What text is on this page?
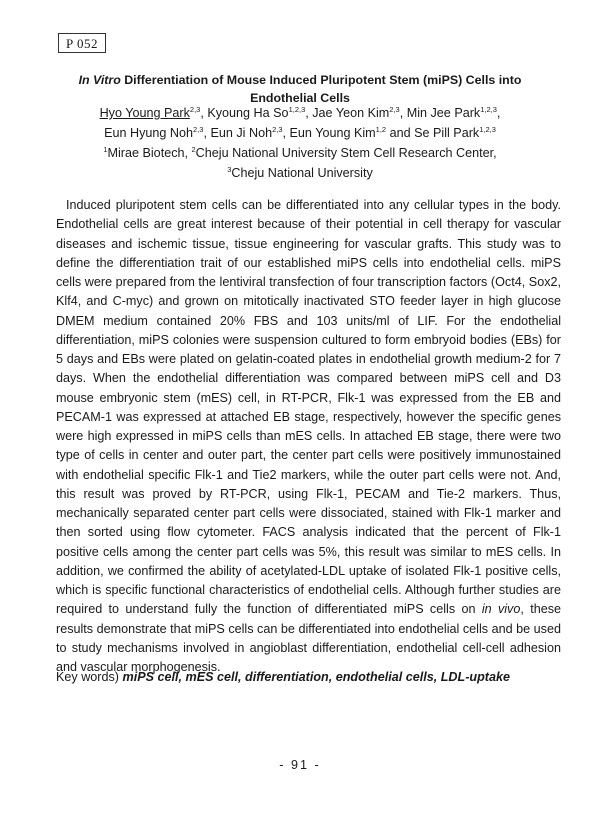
P 052
In Vitro Differentiation of Mouse Induced Pluripotent Stem (miPS) Cells into
Endothelial Cells
Hyo Young Park$^{2,3}$, Kyoung Ha So$^{1,2,3}$, Jae Yeon Kim$^{2,3}$, Min Jee Park$^{1,2,3}$,
Eun Hyung Noh$^{2,3}$, Eun Ji Noh$^{2,3}$, Eun Young Kim$^{1,2}$ and Se Pill Park$^{1,2,3}$
$^1$Mirae Biotech, $^2$Cheju National University Stem Cell Research Center,
$^3$Cheju National University

Induced pluripotent stem cells can be differentiated into any cellular types in the body. Endothelial cells are great interest because of their potential in cell therapy for vascular diseases and ischemic tissue, tissue engineering for vascular grafts. This study was to define the differentiation trait of our established miPS cells into endothelial cells. miPS cells were prepared from the lentiviral transfection of four transcription factors (Oct4, Sox2, Klf4, and C-myc) and grown on mitotically inactivated STO feeder layer in high glucose DMEM medium contained 20% FBS and 103 units/ml of LIF. For the endothelial differentiation, miPS colonies were suspension cultured to form embryoid bodies (EBs) for 5 days and EBs were plated on gelatin-coated plates in endothelial growth medium-2 for 7 days. When the endothelial differentiation was compared between miPS cell and D3 mouse embryonic stem (mES) cell, in RT-PCR, Flk-1 was expressed from the EB and PECAM-1 was expressed at attached EB stage, respectively, however the specific genes were high expressed in miPS cells than mES cells. In attached EB stage, there were two type of cells in center and outer part, the center part cells were positively immunostained with endothelial specific Flk-1 and Tie2 markers, while the outer part cells were not. And, this result was proved by RT-PCR, using Flk-1, PECAM and Tie-2 markers. Thus, mechanically separated center part cells were dissociated, stained with Flk-1 marker and then sorted using flow cytometer. FACS analysis indicated that the percent of Flk-1 positive cells among the center part cells was 5%, this result was similar to mES cells. In addition, we confirmed the ability of acetylated-LDL uptake of isolated Flk-1 positive cells, which is specific functional characteristics of endothelial cells. Although further studies are required to understand fully the function of differentiated miPS cells on in vivo, these results demonstrate that miPS cells can be differentiated into endothelial cells and be used to study mechanisms involved in angioblast differentiation, endothelial cell-cell adhesion and vascular morphogenesis.

Key words) miPS cell, mES cell, differentiation, endothelial cells, LDL-uptake
- 91 -
